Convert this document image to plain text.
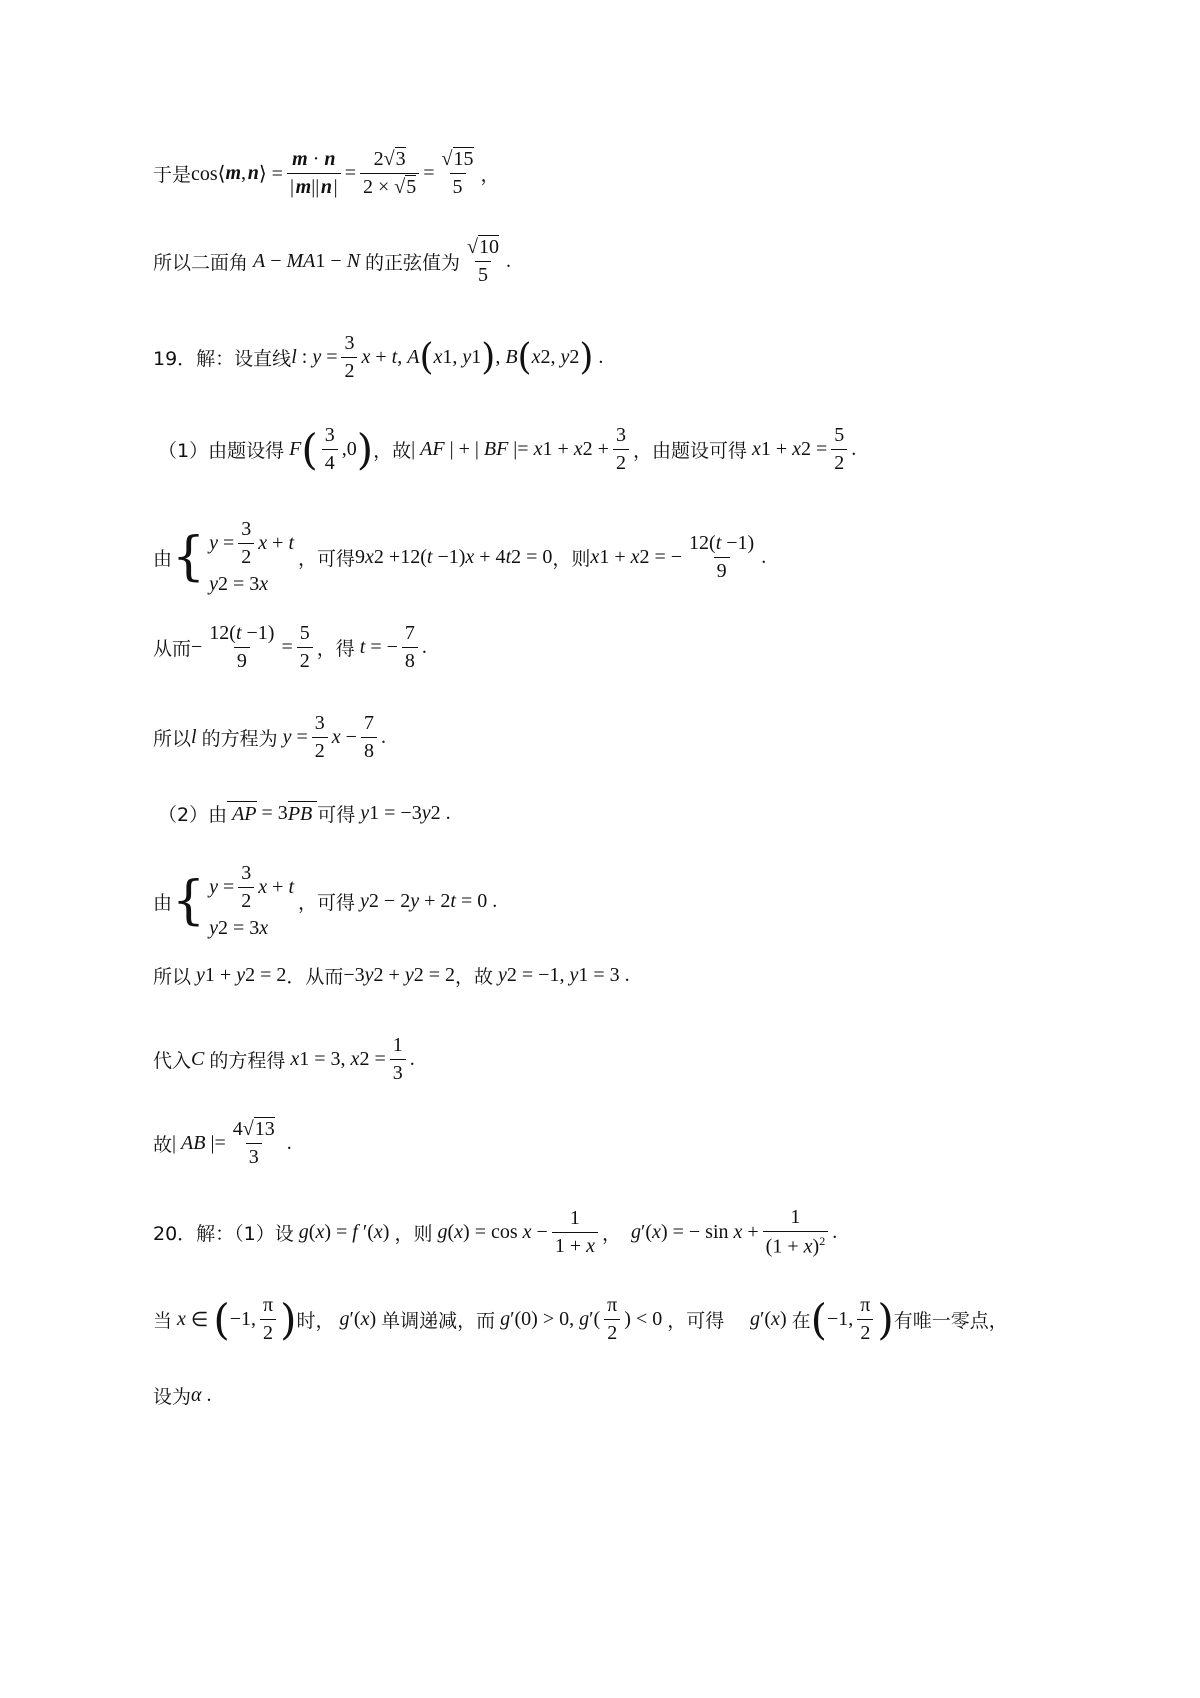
于是 cos⟨ m ,  n ⟩ = $\frac{m \cdot n}{| m|| n |} = \frac{2√3}{2 \times √5} = \frac{√15}{5}$ ，
所以二面角 A − MA 1 − N 的正弦值为 $\frac{√10}{5}$ .
19．解：设直线 l : $y = \frac{3}{2}$ x + t , A ( x 1 , y 1 ) , B ( x 2 , y 2 ) .
（1）由题设得 F ( $\frac{3}{4} ,0$ ) ，故 | AF | + | BF |= x 1 + x $2 + \frac{3}{2}$ ，由题设可得 x 1 + x $2 = \frac{5}{2}$ .
由 { $y = \frac{3}{2}$ x + t
y 2 = 3 x
，可得 9 x 2 +12( t −1) x + 4 t 2 = 0 ，则 x 1 + x 2 = − $\frac{12(t -1)}{9}$ .
从而 − $\frac{12(t -1)}{9} = \frac{5}{2}$ ，得 t = − $\frac{7}{8}$ .
所以 l 的方程为 $y = \frac{3}{2}$ $x - \frac{7}{8}$ .
（2）由 AP = 3 PB 可得 y 1 = −3 y 2 .
由 { $y = \frac{3}{2}$ x + t
y 2 = 3 x
，可得 y 2 − 2 y + 2 t = 0 .
所以 y 1 + y 2 = 2 ．从而 −3 y 2 + y 2 = 2 ，故 y 2 = −1, y 1 = 3 .
代入 C 的方程得 x 1 = 3, x $2 = \frac{1}{3}$ .
故 | AB |= $\frac{4√13}{3}$ .
20．解：（1）设 g ( x ) = f ′( x ) ，则 g ( x ) = $\cos x - \frac{1}{1 + x}$ ， g ′( x ) = − $\sin x + \frac{1}{(1 + x)^2}$ .
当 x ∈ ( −1, $\frac{\pi}{2}$ ) 时， g ′( x ) 单调递减，而 g ′(0) > 0, g ′( $\frac{\pi}{2}$ ) < 0 ，可得 g ′( x ) 在 ( −1, $\frac{\pi}{2}$ ) 有唯一零点，
设为 α .
